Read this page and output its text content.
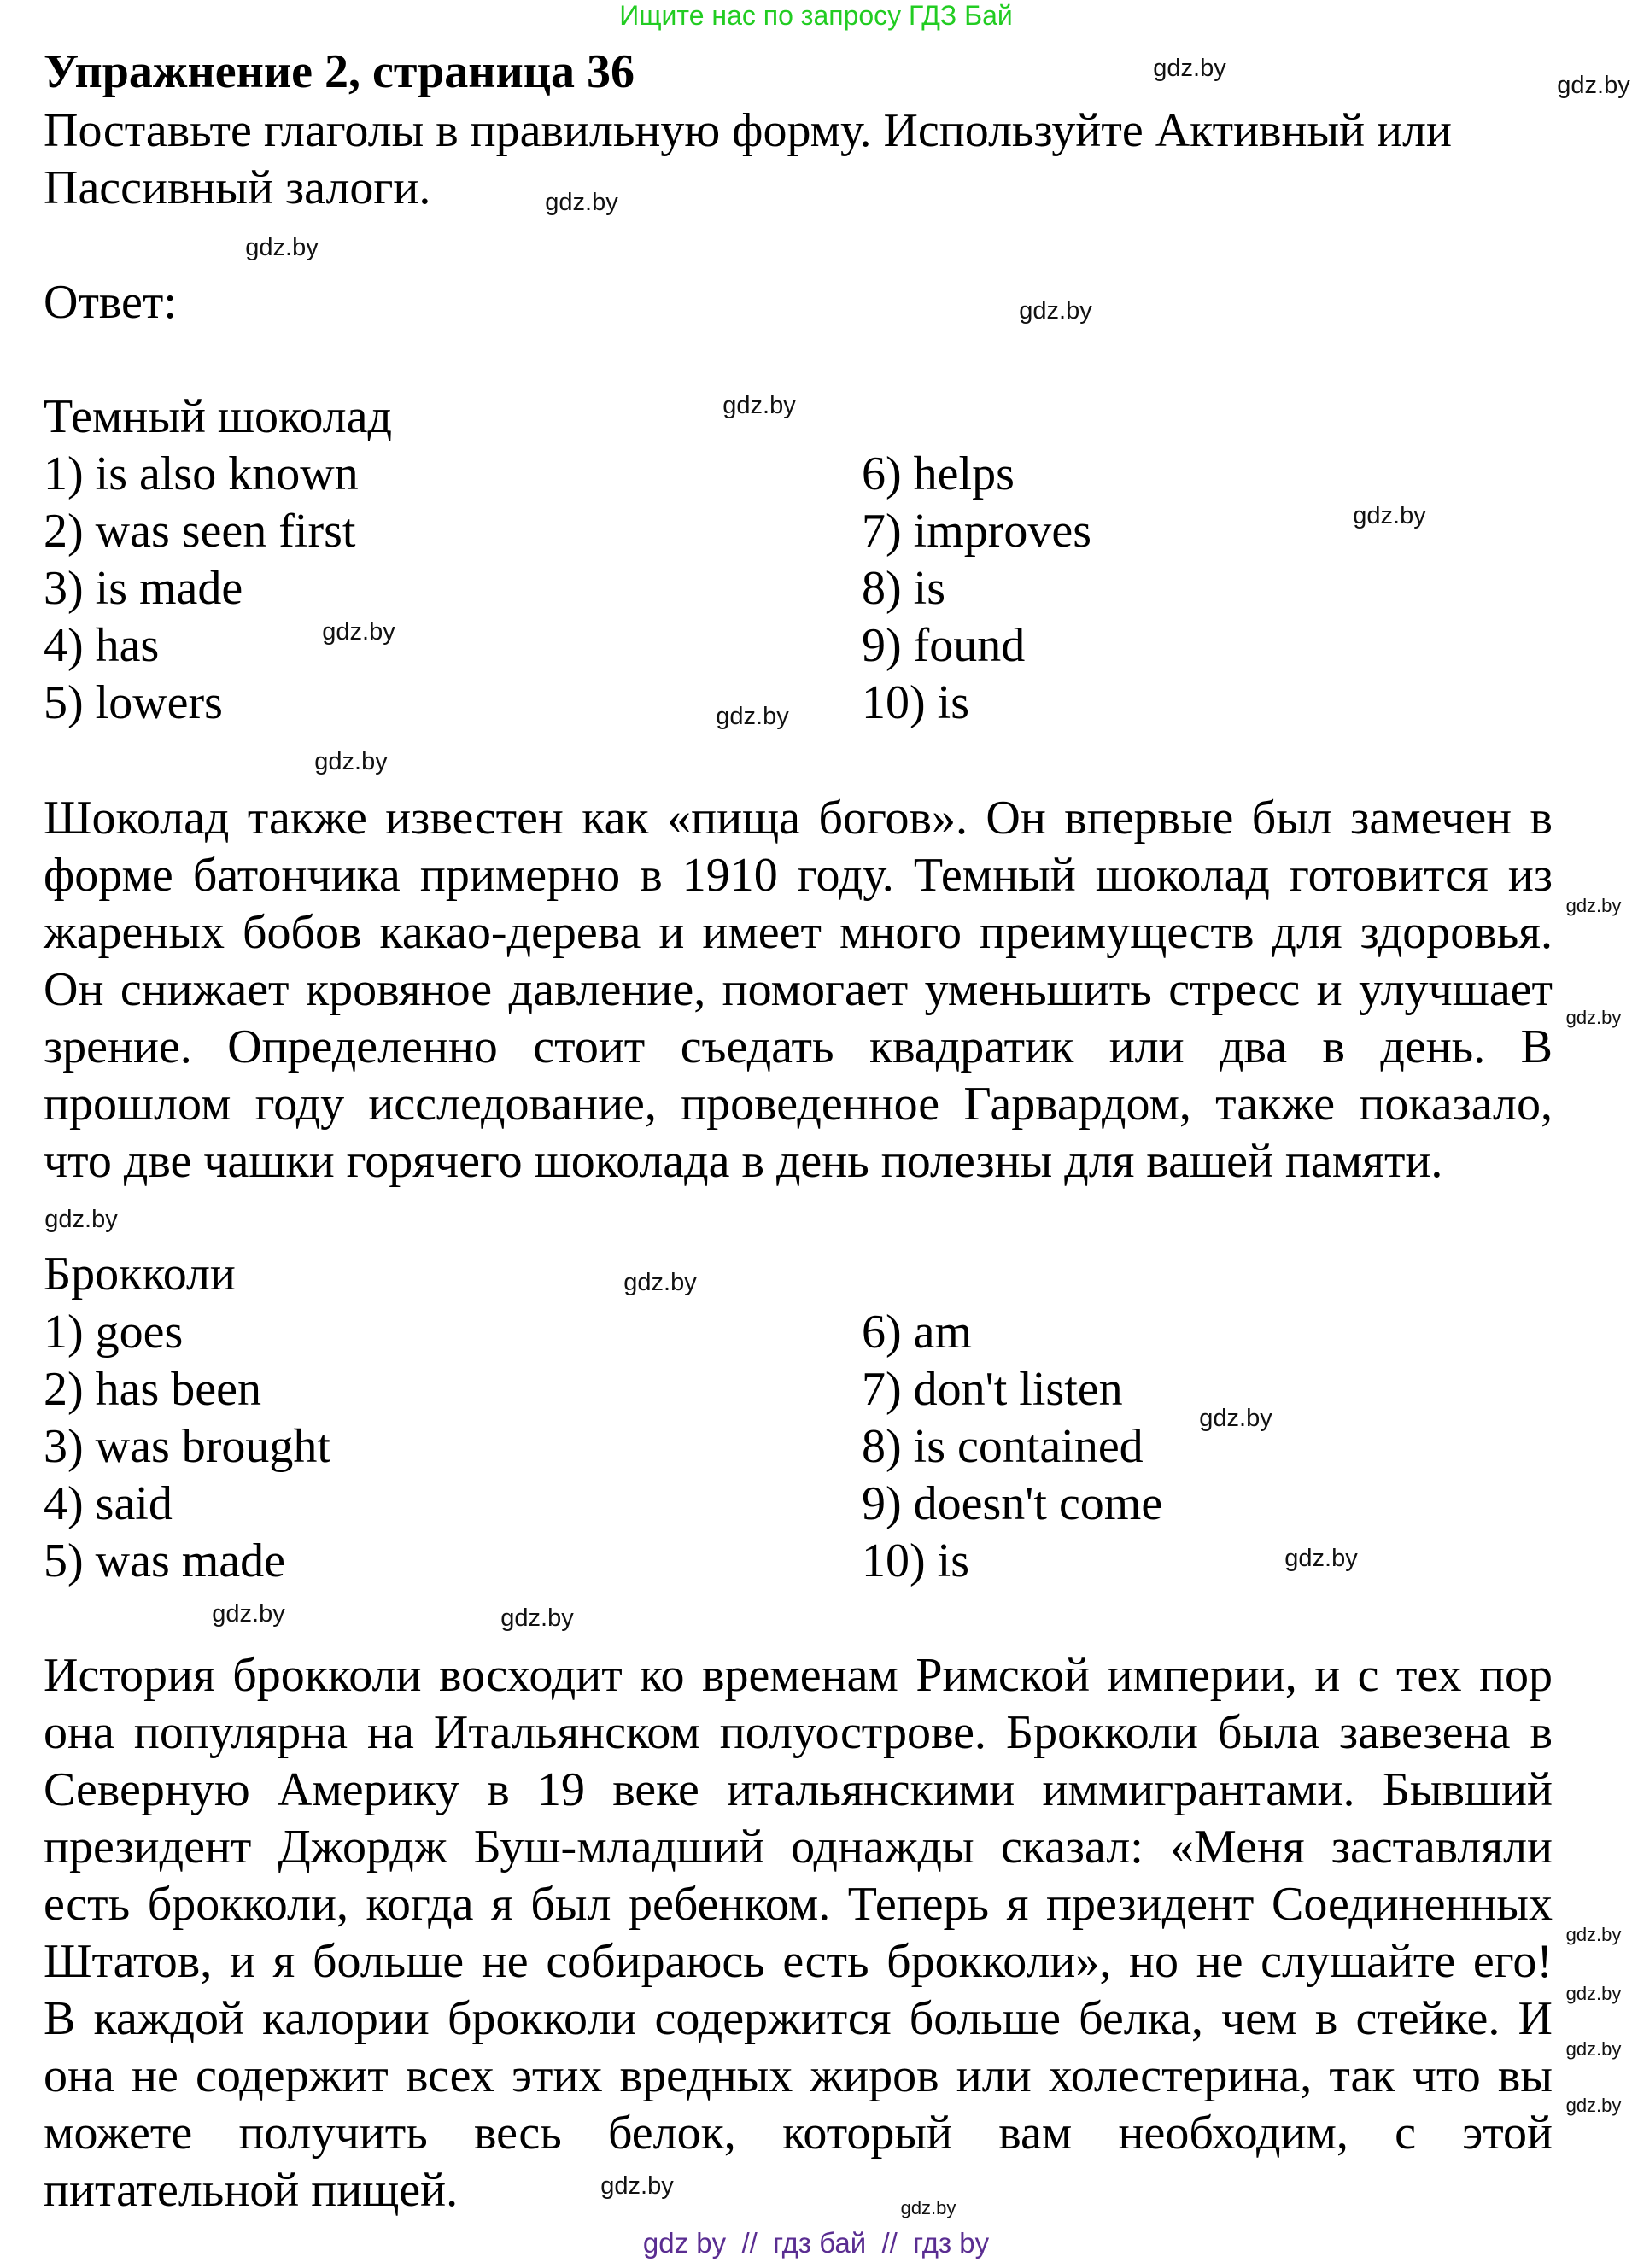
Ищите нас по запросу ГДЗ Бай
Упражнение 2, страница 36
Поставьте глаголы в правильную форму. Используйте Активный или
Пассивный залоги.
Ответ:
Темный шоколад
1) is also known
2) was seen first
3) is made
4) has
5) lowers
6) helps
7) improves
8) is
9) found
10) is
Шоколад также известен как «пища богов». Он впервые был замечен в
форме батончика примерно в 1910 году. Темный шоколад готовится из
жареных бобов какао-дерева и имеет много преимуществ для здоровья.
Он снижает кровяное давление, помогает уменьшить стресс и улучшает
зрение. Определенно стоит съедать квадратик или два в день. В
прошлом году исследование, проведенное Гарвардом, также показало,
что две чашки горячего шоколада в день полезны для вашей памяти.
Брокколи
1) goes
2) has been
3) was brought
4) said
5) was made
6) am
7) don't listen
8) is contained
9) doesn't come
10) is
История брокколи восходит ко временам Римской империи, и с тех пор
она популярна на Итальянском полуострове. Брокколи была завезена в
Северную Америку в 19 веке итальянскими иммигрантами. Бывший
президент Джордж Буш-младший однажды сказал: «Меня заставляли
есть брокколи, когда я был ребенком. Теперь я президент Соединенных
Штатов, и я больше не собираюсь есть брокколи», но не слушайте его!
В каждой калории брокколи содержится больше белка, чем в стейке. И
она не содержит всех этих вредных жиров или холестерина, так что вы
можете получить весь белок, который вам необходим, с этой
питательной пищей.
gdz.by
gdz.by
gdz.by
gdz.by
gdz.by
gdz.by
gdz.by
gdz.by
gdz.by
gdz.by
gdz.by
gdz.by
gdz.by
gdz.by
gdz.by
gdz.by
gdz.by	gdz.by
gdz.by
gdz.by
gdz.by
gdz.by
gdz.by
gdz.by
gdz by  //  гдз бай  //  гдз by
